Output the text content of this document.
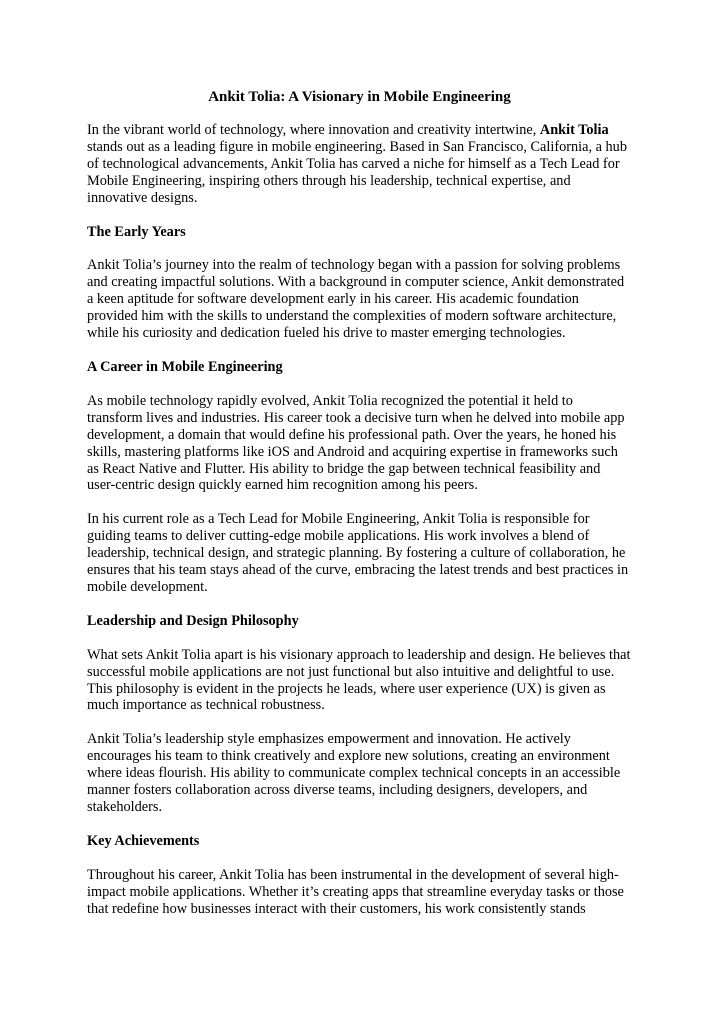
Ankit Tolia: A Visionary in Mobile Engineering

In the vibrant world of technology, where innovation and creativity intertwine, Ankit Tolia stands out as a leading figure in mobile engineering. Based in San Francisco, California, a hub of technological advancements, Ankit Tolia has carved a niche for himself as a Tech Lead for Mobile Engineering, inspiring others through his leadership, technical expertise, and innovative designs.

The Early Years

Ankit Tolia’s journey into the realm of technology began with a passion for solving problems and creating impactful solutions. With a background in computer science, Ankit demonstrated a keen aptitude for software development early in his career. His academic foundation provided him with the skills to understand the complexities of modern software architecture, while his curiosity and dedication fueled his drive to master emerging technologies.

A Career in Mobile Engineering

As mobile technology rapidly evolved, Ankit Tolia recognized the potential it held to transform lives and industries. His career took a decisive turn when he delved into mobile app development, a domain that would define his professional path. Over the years, he honed his skills, mastering platforms like iOS and Android and acquiring expertise in frameworks such as React Native and Flutter. His ability to bridge the gap between technical feasibility and user-centric design quickly earned him recognition among his peers.

In his current role as a Tech Lead for Mobile Engineering, Ankit Tolia is responsible for guiding teams to deliver cutting-edge mobile applications. His work involves a blend of leadership, technical design, and strategic planning. By fostering a culture of collaboration, he ensures that his team stays ahead of the curve, embracing the latest trends and best practices in mobile development.

Leadership and Design Philosophy

What sets Ankit Tolia apart is his visionary approach to leadership and design. He believes that successful mobile applications are not just functional but also intuitive and delightful to use. This philosophy is evident in the projects he leads, where user experience (UX) is given as much importance as technical robustness.

Ankit Tolia’s leadership style emphasizes empowerment and innovation. He actively encourages his team to think creatively and explore new solutions, creating an environment where ideas flourish. His ability to communicate complex technical concepts in an accessible manner fosters collaboration across diverse teams, including designers, developers, and stakeholders.

Key Achievements

Throughout his career, Ankit Tolia has been instrumental in the development of several high-impact mobile applications. Whether it’s creating apps that streamline everyday tasks or those that redefine how businesses interact with their customers, his work consistently stands
